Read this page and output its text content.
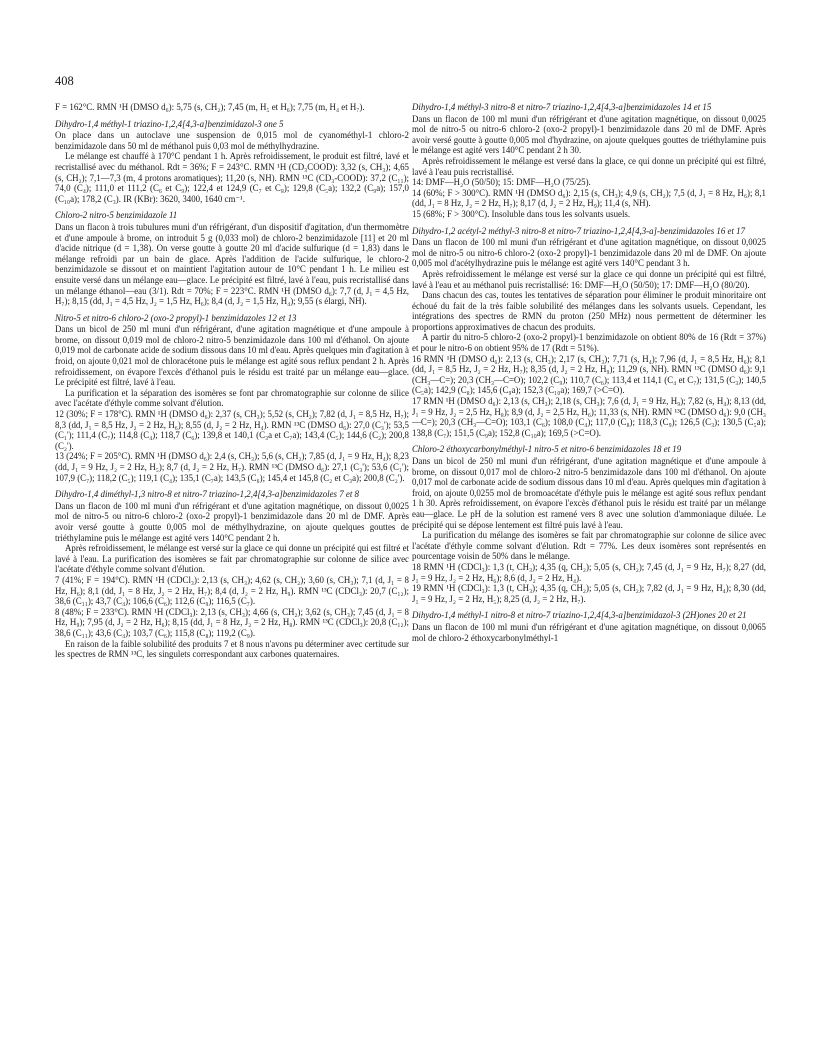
408

F = 162°C. RMN ¹H (DMSO d₆): 5,75 (s, CH₂); 7,45 (m, H₅ et H₆); 7,75 (m, H₄ et H₇).

Dihydro-1,4 méthyl-1 triazino-1,2,4[4,3-a]benzimidazol-3 one 5

On place dans un autoclave une suspension de 0,015 mol de cyanométhyl-1 chloro-2 benzimidazole dans 50 ml de méthanol puis 0,03 mol de méthylhydrazine.

Le mélange est chauffé à 170°C pendant 1 h. Après refroidissement, le produit est filtré, lavé et recristallisé avec du méthanol. Rdt = 36%; F = 243°C. RMN ¹H (CD₃COOD): 3,32 (s, CH₃); 4,65 (s, CH₂); 7,1—7,3 (m, 4 protons aromatiques); 11,20 (s, NH). RMN ¹³C (CD₃-COOD): 37,2 (C₁₁); 74,0 (C₄); 111,0 et 111,2 (C₆ et C₉); 122,4 et 124,9 (C₇ et C₈); 129,8 (C₅a); 132,2 (C₉a); 157,0 (C₁₀a); 178,2 (C₃). IR (KBr): 3620, 3400, 1640 cm⁻¹.

Chloro-2 nitro-5 benzimidazole 11

Dans un flacon à trois tubulures muni d'un réfrigérant, d'un dispositif d'agitation, d'un thermomètre et d'une ampoule à brome, on introduit 5 g (0,033 mol) de chloro-2 benzimidazole [11] et 20 ml d'acide nitrique (d = 1,38). On verse goutte à goutte 20 ml d'acide sulfurique (d = 1,83) dans le mélange refroidi par un bain de glace. Après l'addition de l'acide sulfurique, le chloro-2 benzimidazole se dissout et on maintient l'agitation autour de 10°C pendant 1 h. Le milieu est ensuite versé dans un mélange eau—glace. Le précipité est filtré, lavé à l'eau, puis recristallisé dans un mélange éthanol—eau (3/1). Rdt = 70%; F = 223°C. RMN ¹H (DMSO d₆): 7,7 (d, J₁ = 4,5 Hz, H₇); 8,15 (dd, J₁ = 4,5 Hz, J₂ = 1,5 Hz, H₆); 8,4 (d, J₂ = 1,5 Hz, H₄); 9,55 (s élargi, NH).

Nitro-5 et nitro-6 chloro-2 (oxo-2 propyl)-1 benzimidazoles 12 et 13

Dans un bicol de 250 ml muni d'un réfrigérant, d'une agitation magnétique et d'une ampoule à brome, on dissout 0,019 mol de chloro-2 nitro-5 benzimidazole dans 100 ml d'éthanol. On ajoute 0,019 mol de carbonate acide de sodium dissous dans 10 ml d'eau. Après quelques min d'agitation à froid, on ajoute 0,021 mol de chloracétone puis le mélange est agité sous reflux pendant 2 h. Après refroidissement, on évapore l'excès d'éthanol puis le résidu est traité par un mélange eau—glace. Le précipité est filtré, lavé à l'eau.

La purification et la séparation des isomères se font par chromatographie sur colonne de silice avec l'acétate d'éthyle comme solvant d'élution.

12 (30%; F = 178°C). RMN ¹H (DMSO d₆): 2,37 (s, CH₃); 5,52 (s, CH₂); 7,82 (d, J₁ = 8,5 Hz, H₇); 8,3 (dd, J₁ = 8,5 Hz, J₂ = 2 Hz, H₆); 8,55 (d, J₂ = 2 Hz, H₄). RMN ¹³C (DMSO d₆): 27,0 (C₃'); 53,5 (C₁'); 111,4 (C₇); 114,8 (C₄); 118,7 (C₆); 139,8 et 140,1 (C₃a et C₇a); 143,4 (C₅); 144,6 (C₂); 200,8 (C₂').

13 (24%; F = 205°C). RMN ¹H (DMSO d₆): 2,4 (s, CH₃); 5,6 (s, CH₂); 7,85 (d, J₁ = 9 Hz, H₄); 8,23 (dd, J₁ = 9 Hz, J₂ = 2 Hz, H₅); 8,7 (d, J₂ = 2 Hz, H₇). RMN ¹³C (DMSO d₆): 27,1 (C₃'); 53,6 (C₁'); 107,9 (C₇); 118,2 (C₅); 119,1 (C₄); 135,1 (C₇a); 143,5 (C₆); 145,4 et 145,8 (C₂ et C₃a); 200,8 (C₂').

Dihydro-1,4 diméthyl-1,3 nitro-8 et nitro-7 triazino-1,2,4[4,3-a]benzimidazoles 7 et 8

Dans un flacon de 100 ml muni d'un réfrigérant et d'une agitation magnétique, on dissout 0,0025 mol de nitro-5 ou nitro-6 chloro-2 (oxo-2 propyl)-1 benzimidazole dans 20 ml de DMF. Après avoir versé goutte à goutte 0,005 mol de méthylhydrazine, on ajoute quelques gouttes de triéthylamine puis le mélange est agité vers 140°C pendant 2 h.

Après refroidissement, le mélange est versé sur la glace ce qui donne un précipité qui est filtré et lavé à l'eau. La purification des isomères se fait par chromatographie sur colonne de silice avec l'acétate d'éthyle comme solvant d'élution.

7 (41%; F = 194°C). RMN ¹H (CDCl₃): 2,13 (s, CH₃); 4,62 (s, CH₂); 3,60 (s, CH₃); 7,1 (d, J₁ = 8 Hz, H₆); 8,1 (dd, J₁ = 8 Hz, J₂ = 2 Hz, H₇); 8,4 (d, J₂ = 2 Hz, H₉). RMN ¹³C (CDCl₃): 20,7 (C₁₂); 38,6 (C₁₁); 43,7 (C₄); 106,6 (C₆); 112,6 (C₉); 116,5 (C₇).

8 (48%; F = 233°C). RMN ¹H (CDCl₃): 2,13 (s, CH₃); 4,66 (s, CH₂); 3,62 (s, CH₃); 7,45 (d, J₁ = 8 Hz, H₉); 7,95 (d, J₂ = 2 Hz, H₆); 8,15 (dd, J₁ = 8 Hz, J₂ = 2 Hz, H₈). RMN ¹³C (CDCl₃): 20,8 (C₁₂); 38,6 (C₁₁); 43,6 (C₄); 103,7 (C₆); 115,8 (C₈); 119,2 (C₉).

En raison de la faible solubilité des produits 7 et 8 nous n'avons pu déterminer avec certitude sur les spectres de RMN ¹³C, les singulets correspondant aux carbones quaternaires.

Dihydro-1,4 méthyl-3 nitro-8 et nitro-7 triazino-1,2,4[4,3-a]benzimidazoles 14 et 15

Dans un flacon de 100 ml muni d'un réfrigérant et d'une agitation magnétique, on dissout 0,0025 mol de nitro-5 ou nitro-6 chloro-2 (oxo-2 propyl)-1 benzimidazole dans 20 ml de DMF. Après avoir versé goutte à goutte 0,005 mol d'hydrazine, on ajoute quelques gouttes de triéthylamine puis le mélange est agité vers 140°C pendant 2 h 30.

Après refroidissement le mélange est versé dans la glace, ce qui donne un précipité qui est filtré, lavé à l'eau puis recristallisé.

14: DMF—H₂O (50/50); 15: DMF—H₂O (75/25).

14 (60%; F > 300°C). RMN ¹H (DMSO d₆): 2,15 (s, CH₃); 4,9 (s, CH₂); 7,5 (d, J₁ = 8 Hz, H₆); 8,1 (dd, J₁ = 8 Hz, J₂ = 2 Hz, H₇); 8,17 (d, J₂ = 2 Hz, H₉); 11,4 (s, NH).

15 (68%; F > 300°C). Insoluble dans tous les solvants usuels.

Dihydro-1,2 acétyl-2 méthyl-3 nitro-8 et nitro-7 triazino-1,2,4[4,3-a]-benzimidazoles 16 et 17

Dans un flacon de 100 ml muni d'un réfrigérant et d'une agitation magnétique, on dissout 0,0025 mol de nitro-5 ou nitro-6 chloro-2 (oxo-2 propyl)-1 benzimidazole dans 20 ml de DMF. On ajoute 0,005 mol d'acétylhydrazine puis le mélange est agité vers 140°C pendant 3 h.

Après refroidissement le mélange est versé sur la glace ce qui donne un précipité qui est filtré, lavé à l'eau et au méthanol puis recristallisé: 16: DMF—H₂O (50/50); 17: DMF—H₂O (80/20).

Dans chacun des cas, toutes les tentatives de séparation pour éliminer le produit minoritaire ont échoué du fait de la très faible solubilité des mélanges dans les solvants usuels. Cependant, les intégrations des spectres de RMN du proton (250 MHz) nous permettent de déterminer les proportions approximatives de chacun des produits.

A partir du nitro-5 chloro-2 (oxo-2 propyl)-1 benzimidazole on obtient 80% de 16 (Rdt = 37%) et pour le nitro-6 on obtient 95% de 17 (Rdt = 51%).

16 RMN ¹H (DMSO d₆): 2,13 (s, CH₃); 2,17 (s, CH₃); 7,71 (s, H₄); 7,96 (d, J₁ = 8,5 Hz, H₆); 8,1 (dd, J₁ = 8,5 Hz, J₂ = 2 Hz, H₇); 8,35 (d, J₂ = 2 Hz, H₉); 11,29 (s, NH). RMN ¹³C (DMSO d₆): 9,1 (CH₃—C=); 20,3 (CH₃—C=O); 102,2 (C₉); 110,7 (C₆); 113,4 et 114,1 (C₄ et C₇); 131,5 (C₃); 140,5 (C₅a); 142,9 (C₈); 145,6 (C₉a); 152,3 (C₁₀a); 169,7 (>C=O).

17 RMN ¹H (DMSO d₆): 2,13 (s, CH₃); 2,18 (s, CH₃); 7,6 (d, J₁ = 9 Hz, H₉); 7,82 (s, H₄); 8,13 (dd, J₁ = 9 Hz, J₂ = 2,5 Hz, H₈); 8,9 (d, J₂ = 2,5 Hz, H₆); 11,33 (s, NH). RMN ¹³C (DMSO d₆): 9,0 (CH₃—C=); 20,3 (CH₃—C=O); 103,1 (C₆); 108,0 (C₄); 117,0 (C₈); 118,3 (C₉); 126,5 (C₃); 130,5 (C₅a); 138,8 (C₇); 151,5 (C₉a); 152,8 (C₁₀a); 169,5 (>C=O).

Chloro-2 éthoxycarbonylméthyl-1 nitro-5 et nitro-6 benzimidazoles 18 et 19

Dans un bicol de 250 ml muni d'un réfrigérant, d'une agitation magnétique et d'une ampoule à brome, on dissout 0,017 mol de chloro-2 nitro-5 benzimidazole dans 100 ml d'éthanol. On ajoute 0,017 mol de carbonate acide de sodium dissous dans 10 ml d'eau. Après quelques min d'agitation à froid, on ajoute 0,0255 mol de bromoacétate d'éthyle puis le mélange est agité sous reflux pendant 1 h 30. Après refroidissement, on évapore l'excès d'éthanol puis le résidu est traité par un mélange eau—glace. Le pH de la solution est ramené vers 8 avec une solution d'ammoniaque diluée. Le précipité qui se dépose lentement est filtré puis lavé à l'eau.

La purification du mélange des isomères se fait par chromatographie sur colonne de silice avec l'acétate d'éthyle comme solvant d'élution. Rdt = 77%. Les deux isomères sont représentés en pourcentage voisin de 50% dans le mélange.

18 RMN ¹H (CDCl₃): 1,3 (t, CH₃); 4,35 (q, CH₂); 5,05 (s, CH₂); 7,45 (d, J₁ = 9 Hz, H₇); 8,27 (dd, J₁ = 9 Hz, J₂ = 2 Hz, H₆); 8,6 (d, J₂ = 2 Hz, H₄).

19 RMN ¹H (CDCl₃): 1,3 (t, CH₃); 4,35 (q, CH₂); 5,05 (s, CH₂); 7,82 (d, J₁ = 9 Hz, H₄); 8,30 (dd, J₁ = 9 Hz, J₂ = 2 Hz, H₅); 8,25 (d, J₂ = 2 Hz, H₇).

Dihydro-1,4 méthyl-1 nitro-8 et nitro-7 triazino-1,2,4[4,3-a]benzimidazol-3 (2H)ones 20 et 21

Dans un flacon de 100 ml muni d'un réfrigérant et d'une agitation magnétique, on dissout 0,0065 mol de chloro-2 éthoxycarbonylméthyl-1
